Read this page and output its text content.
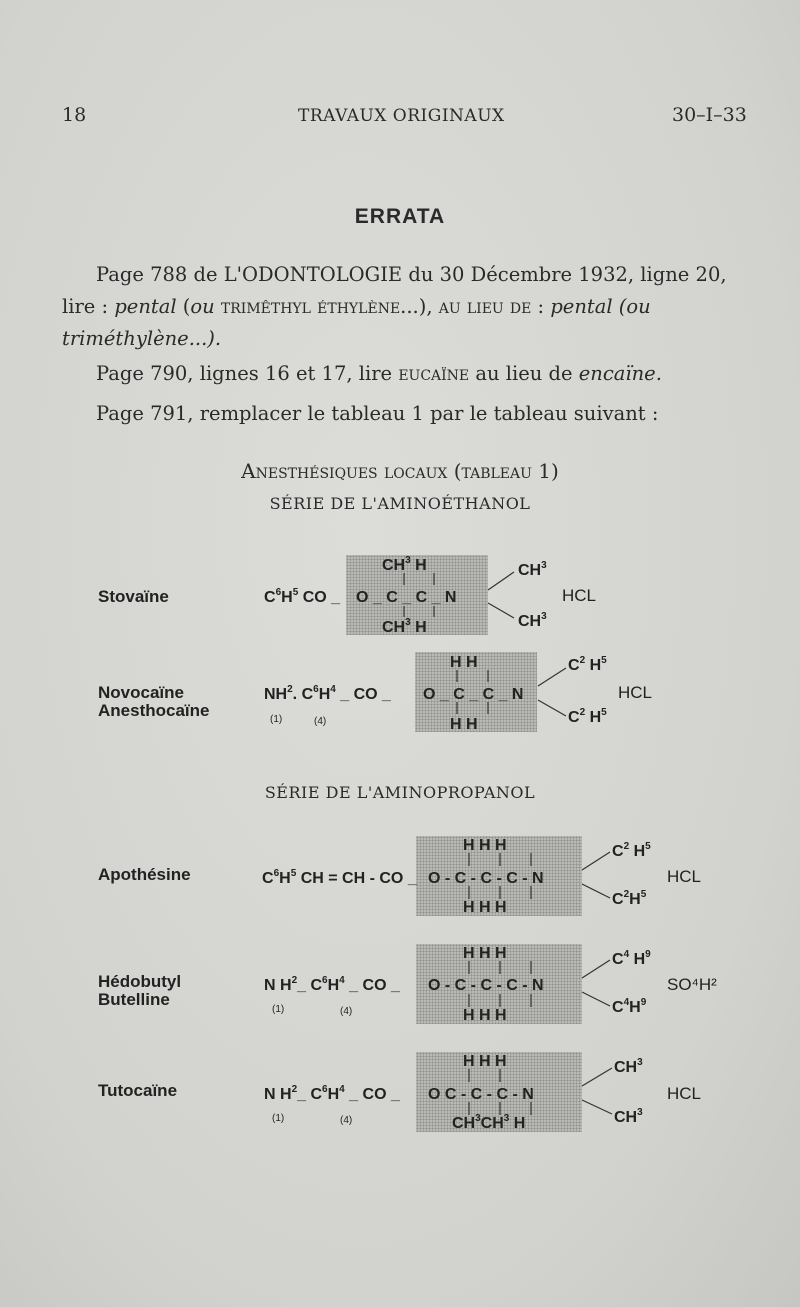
18	TRAVAUX ORIGINAUX	30–I–33
ERRATA
Page 788 de L'ODONTOLOGIE du 30 Décembre 1932, ligne 20,
lire : pental (ou trimêthyl éthylène...), au lieu de : pental (ou
triméthylène...).
Page 790, lignes 16 et 17, lire eucaïne au lieu de encaïne.
Page 791, remplacer le tableau 1 par le tableau suivant :
Anesthésiques locaux (tableau 1)
SÉRIE DE L'AMINOÉTHANOL
SÉRIE DE L'AMINOPROPANOL
Stovaïne
Novocaïne
Anesthocaïne
Apothésine
Hédobutyl
Butelline
Tutocaïne
HCL
HCL
HCL
SO⁴H²
HCL
(1)	(4)
(1)	(4)
(1)	(4)
$C^6H^5$ CO _ O _ C _ C _ N
$CH^3$ H
$CH^3$ H
$CH^3$
$CH^3$
$NH^2$. $C^6H^4$ _ CO _ O _ C _ C _ N
H H
H H
$C^2$ $H^5$
$C^2$ $H^5$
$C^6H^5$ CH = CH - CO _ O - C - C - C - N
H H H
H H H
$C^2$ $H^5$
$C^2H^5$
N $H^2\_$ $C^6H^4$ _ CO _ O - C - C - C - N
H H H
H H H
$C^4$ $H^9$
$C^4H^9$
N $H^2\_$ $C^6H^4$ _ CO _ O C - C - C - N
H H H
$CH^3CH^3$ H
$CH^3$
$CH^3$
